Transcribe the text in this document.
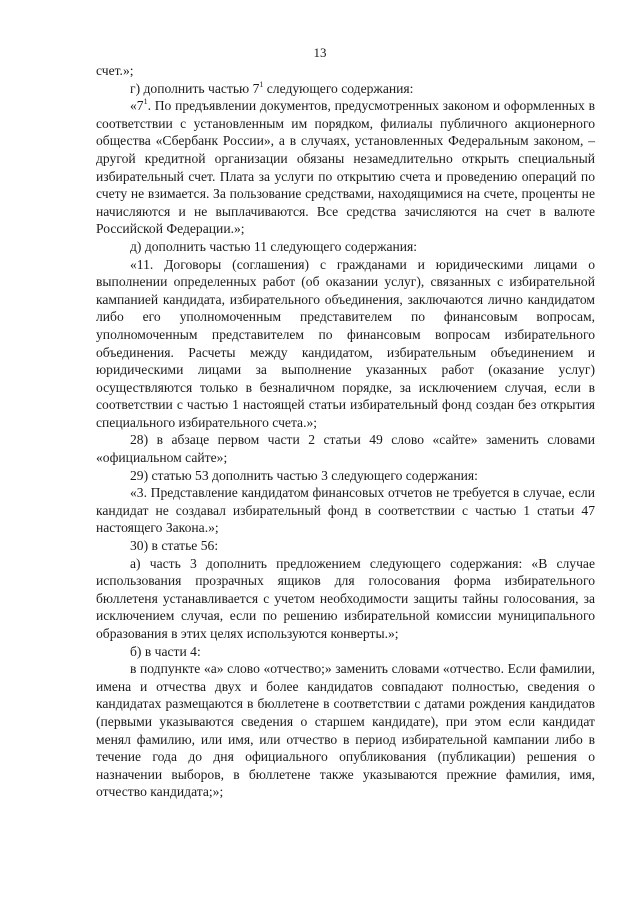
13

счет.»;

г) дополнить частью $7^1$ следующего содержания:

«$7^1$. По предъявлении документов, предусмотренных законом и оформленных в соответствии с установленным им порядком, филиалы публичного акционерного общества «Сбербанк России», а в случаях, установленных Федеральным законом, – другой кредитной организации обязаны незамедлительно открыть специальный избирательный счет. Плата за услуги по открытию счета и проведению операций по счету не взимается. За пользование средствами, находящимися на счете, проценты не начисляются и не выплачиваются. Все средства зачисляются на счет в валюте Российской Федерации.»;

д) дополнить частью 11 следующего содержания:

«11. Договоры (соглашения) с гражданами и юридическими лицами о выполнении определенных работ (об оказании услуг), связанных с избирательной кампанией кандидата, избирательного объединения, заключаются лично кандидатом либо его уполномоченным представителем по финансовым вопросам, уполномоченным представителем по финансовым вопросам избирательного объединения. Расчеты между кандидатом, избирательным объединением и юридическими лицами за выполнение указанных работ (оказание услуг) осуществляются только в безналичном порядке, за исключением случая, если в соответствии с частью 1 настоящей статьи избирательный фонд создан без открытия специального избирательного счета.»;

28) в абзаце первом части 2 статьи 49 слово «сайте» заменить словами «официальном сайте»;

29) статью 53 дополнить частью 3 следующего содержания:

«3. Представление кандидатом финансовых отчетов не требуется в случае, если кандидат не создавал избирательный фонд в соответствии с частью 1 статьи 47 настоящего Закона.»;

30) в статье 56:

а) часть 3 дополнить предложением следующего содержания: «В случае использования прозрачных ящиков для голосования форма избирательного бюллетеня устанавливается с учетом необходимости защиты тайны голосования, за исключением случая, если по решению избирательной комиссии муниципального образования в этих целях используются конверты.»;

б) в части 4:

в подпункте «а» слово «отчество;» заменить словами «отчество. Если фамилии, имена и отчества двух и более кандидатов совпадают полностью, сведения о кандидатах размещаются в бюллетене в соответствии с датами рождения кандидатов (первыми указываются сведения о старшем кандидате), при этом если кандидат менял фамилию, или имя, или отчество в период избирательной кампании либо в течение года до дня официального опубликования (публикации) решения о назначении выборов, в бюллетене также указываются прежние фамилия, имя, отчество кандидата;»;
